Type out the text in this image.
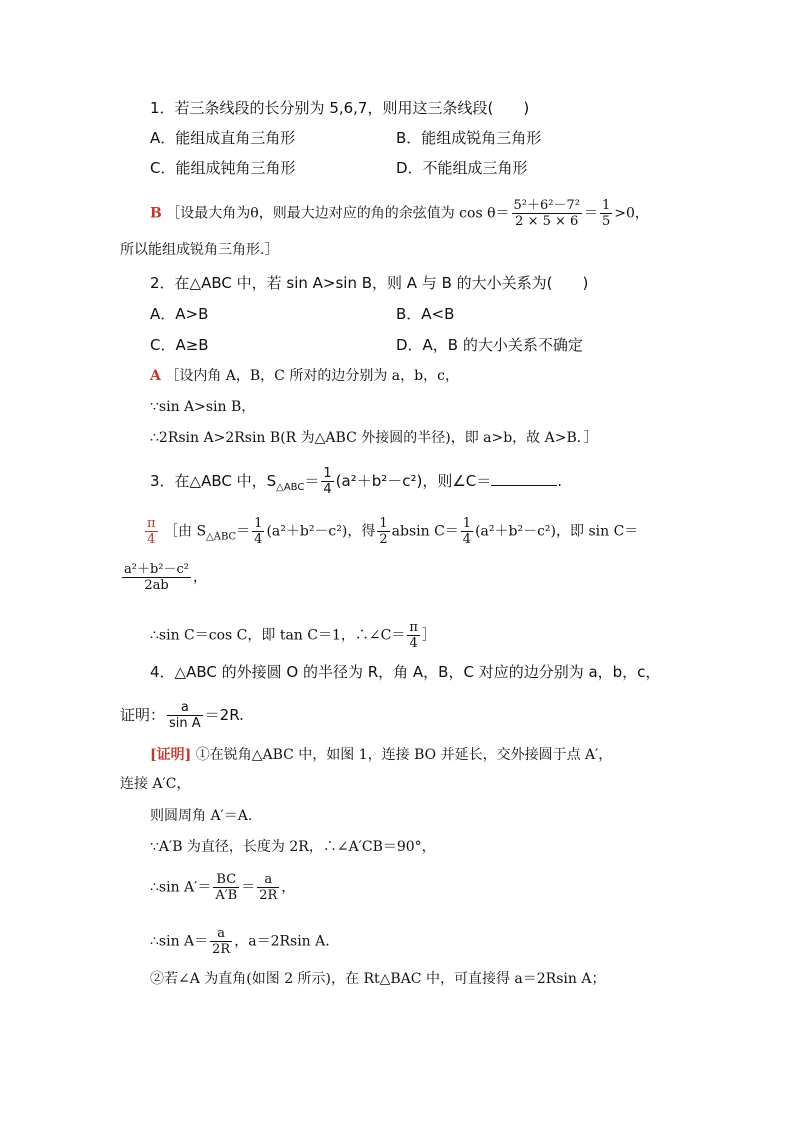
1．若三条线段的长分别为 5,6,7，则用这三条线段(　　)
A．能组成直角三角形	B．能组成锐角三角形
C．能组成钝角三角形	D．不能组成三角形
B ［设最大角为θ，则最大边对应的角的余弦值为 $\cos \theta= \frac{\text{5²＋6²－7²}}{2 \times 5 \times 6} = \frac{1}{5} >0$，
所以能组成锐角三角形.］
2．在△ABC 中，若 sin A>sin B，则 A 与 B 的大小关系为(　　)
A．A>B	B．A<B
C．A≥B	D．A，B 的大小关系不确定
A ［设内角 A，B，C 所对的边分别为 a，b，c，
∵sin A>sin B，
∴2Rsin A>2Rsin B(R 为△ABC 外接圆的半径)，即 a>b，故 A>B．］
3．在△ABC 中，$S_{\triangle ABC}= \frac{1}{4} (a^2+b^2-c^2)$，则∠C＝	.
$\frac{\pi}{4}$ ［由 $S_{\triangle ABC}= \frac{1}{4} (a^2+b^2-c^2)$，得 $\frac{1}{2}$ absin $C= \frac{1}{4} (a^2+b^2-c^2)$，即 sin C＝
$\frac{\text{a²＋b²－c²}}{2ab}$ ，
∴sin C＝cos C，即 tan C＝1，∴∠C＝ $\frac{\pi}{4}$ ］
4．△ABC 的外接圆 O 的半径为 R，角 A，B，C 对应的边分别为 a，b，c，
证明： $\frac{a}{\text{sin A}} =2R$.
[证明] ①在锐角△ABC 中，如图 1，连接 BO 并延长，交外接圆于点 A′，
连接 A′C，
则圆周角 A′＝A.
∵A′B 为直径，长度为 2R，∴∠A′CB＝90°，
∴sin $A'= \frac{BC}{A'B} = \frac{a}{2R}$ ，
∴sin $A= \frac{a}{2R}$ ，a＝2Rsin A.
②若∠A 为直角(如图 2 所示)，在 Rt△BAC 中，可直接得 a＝2Rsin A；
